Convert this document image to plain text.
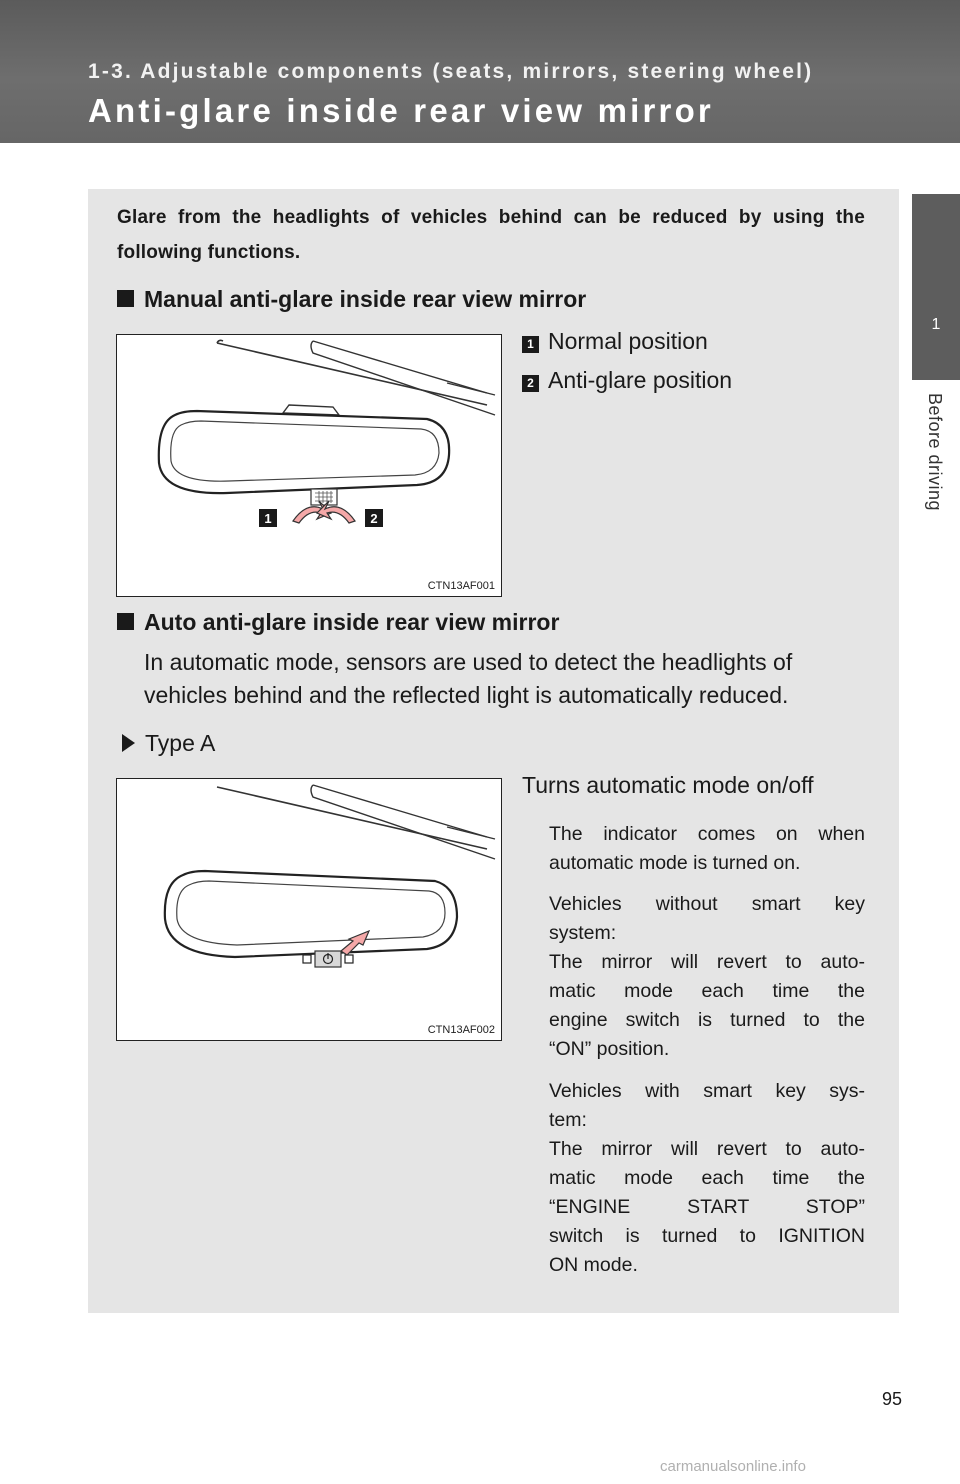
1-3. Adjustable components (seats, mirrors, steering wheel)
Anti-glare inside rear view mirror
1
Before driving
Glare from the headlights of vehicles behind can be reduced by using the following functions.
Manual anti-glare inside rear view mirror
1	2
CTN13AF001
1 Normal position
2 Anti-glare position
Auto anti-glare inside rear view mirror
In automatic mode, sensors are used to detect the headlights of vehicles behind and the reflected light is automatically reduced.
Type A
Turns automatic mode on/off
CTN13AF002
The indicator comes on when
automatic mode is turned on.
Vehicles without smart key
system:
The mirror will revert to auto-
matic mode each time the
engine switch is turned to the
“ON” position.
Vehicles with smart key sys-
tem:
The mirror will revert to auto-
matic mode each time the
“ENGINE START STOP”
switch is turned to IGNITION
ON mode.
95
carmanualsonline.info
